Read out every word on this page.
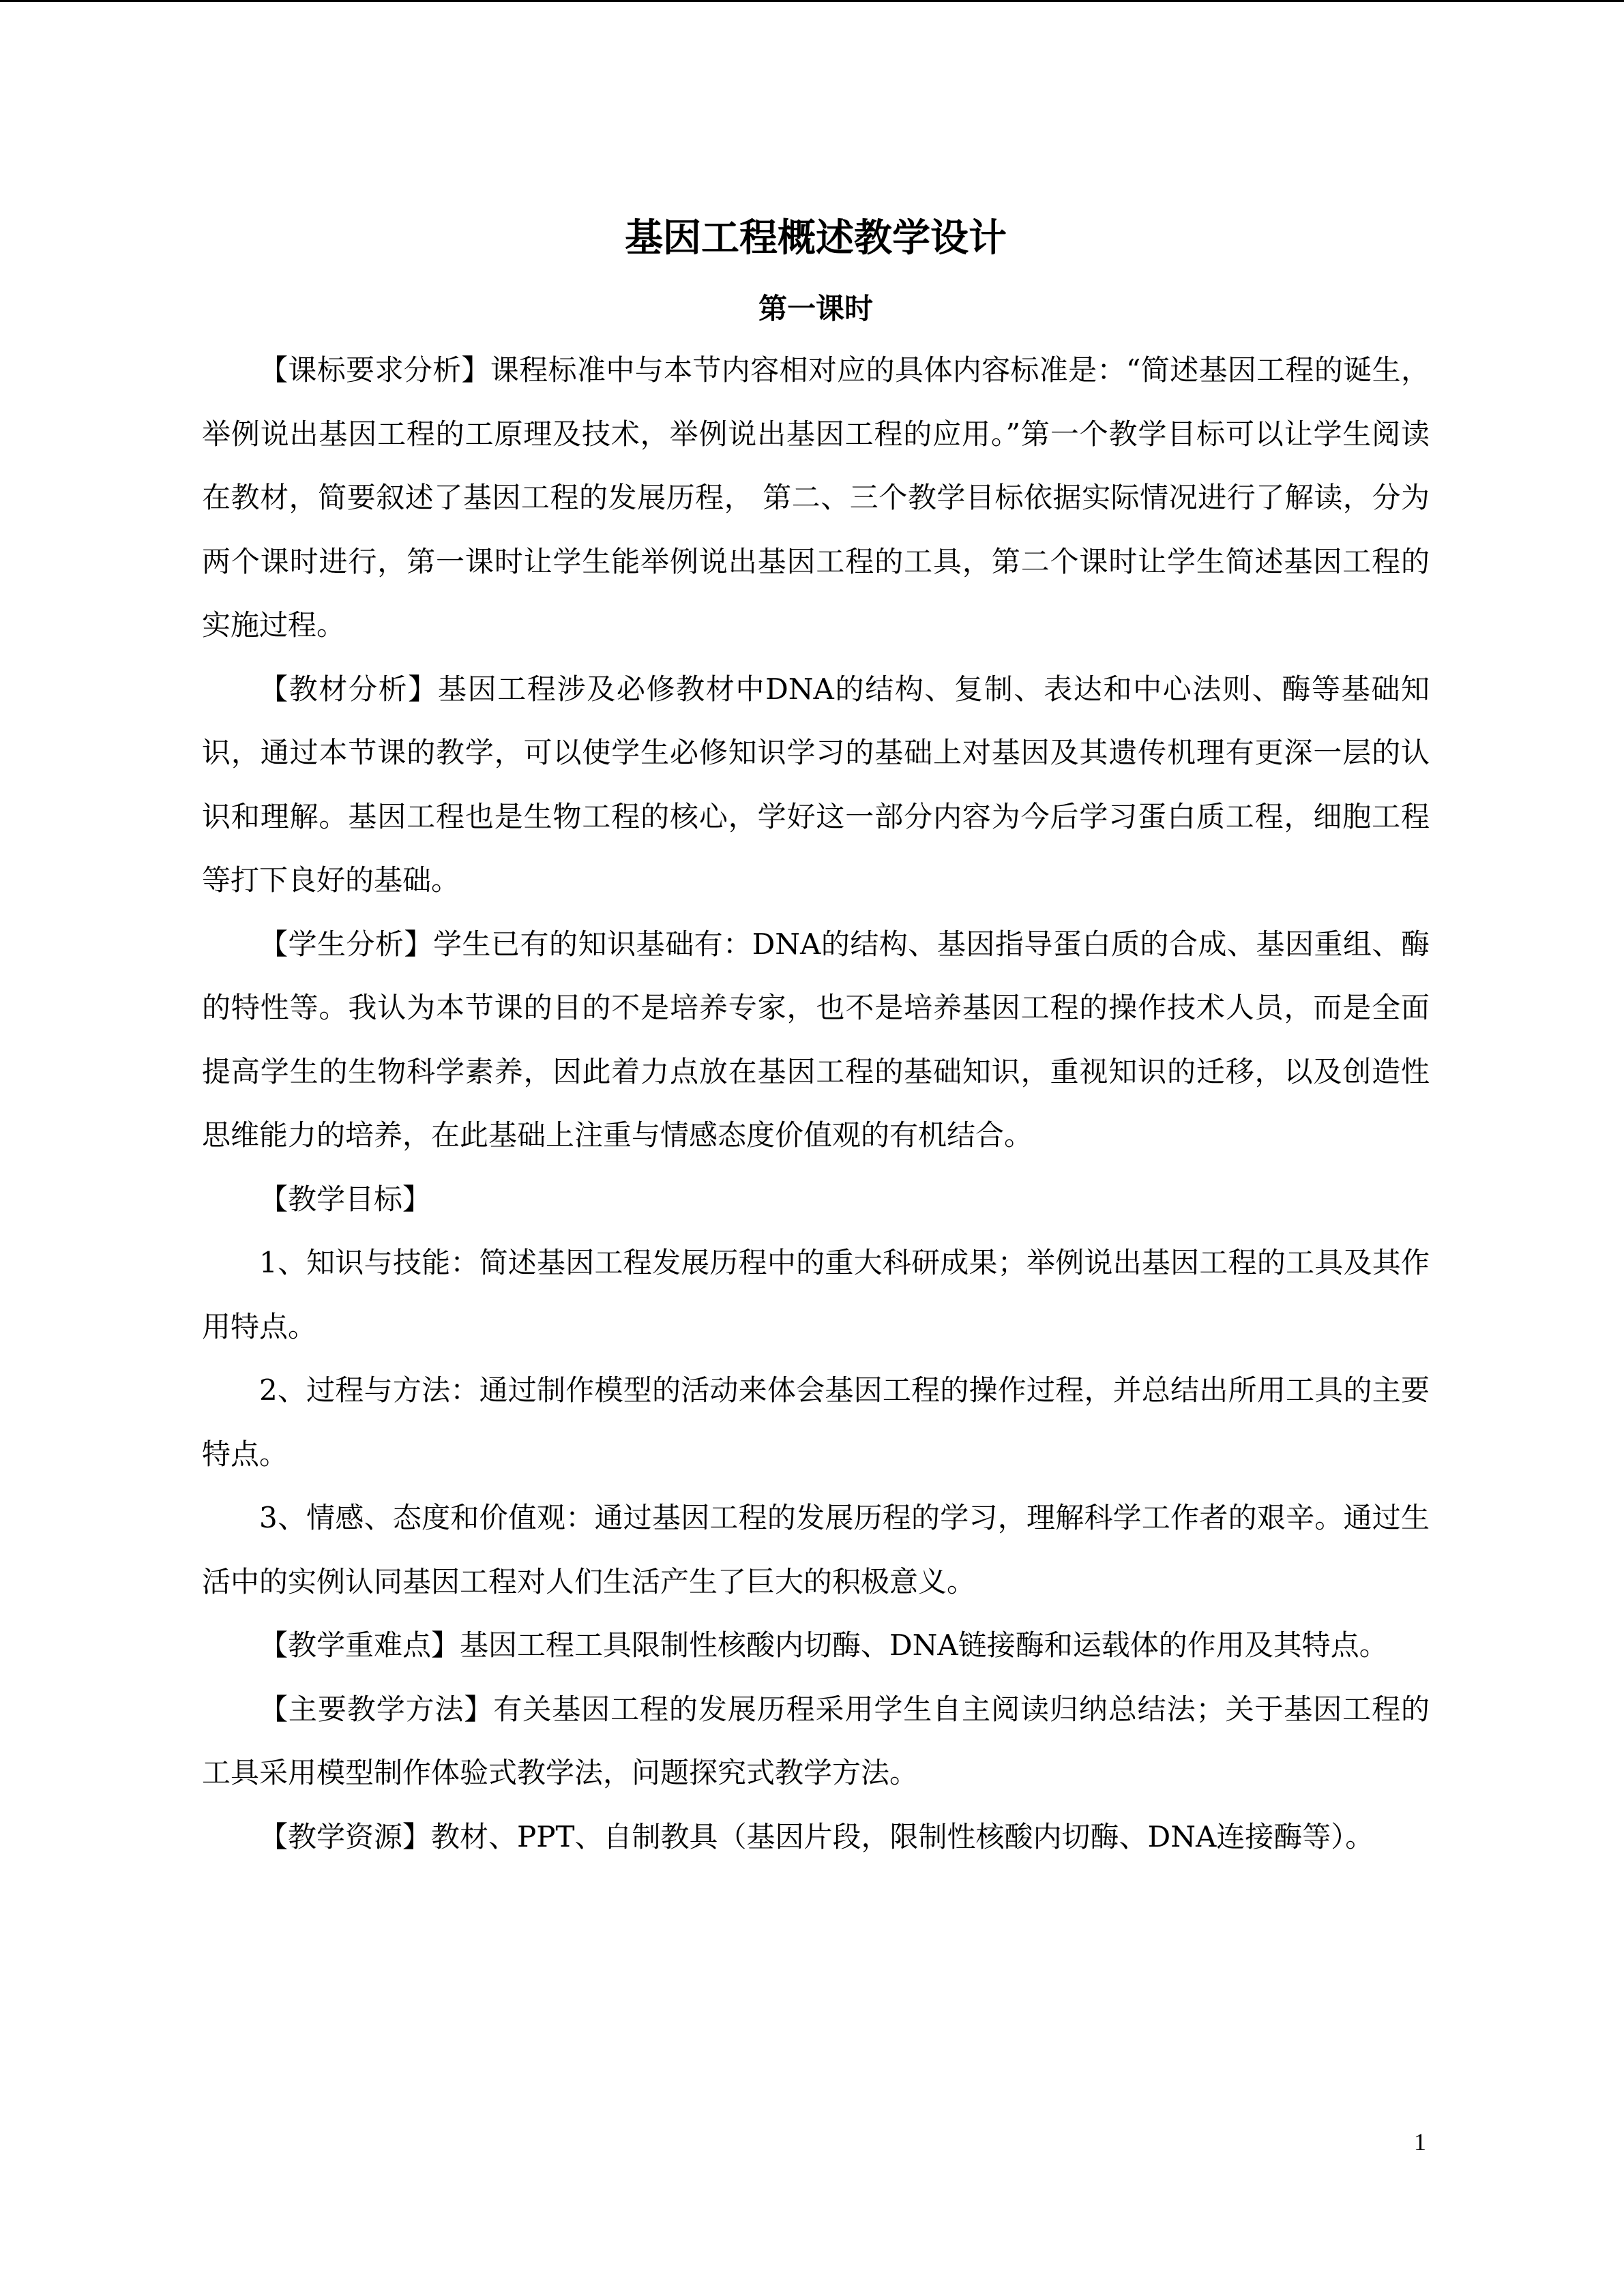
基因工程概述教学设计
第一课时

【课标要求分析】课程标准中与本节内容相对应的具体内容标准是：“简述基因工程的诞生，举例说出基因工程的工原理及技术，举例说出基因工程的应用。”第一个教学目标可以让学生阅读在教材，简要叙述了基因工程的发展历程， 第二、三个教学目标依据实际情况进行了解读，分为两个课时进行，第一课时让学生能举例说出基因工程的工具，第二个课时让学生简述基因工程的实施过程。

【教材分析】基因工程涉及必修教材中DNA的结构、复制、表达和中心法则、酶等基础知识，通过本节课的教学，可以使学生必修知识学习的基础上对基因及其遗传机理有更深一层的认识和理解。基因工程也是生物工程的核心，学好这一部分内容为今后学习蛋白质工程，细胞工程等打下良好的基础。

【学生分析】学生已有的知识基础有：DNA的结构、基因指导蛋白质的合成、基因重组、酶的特性等。我认为本节课的目的不是培养专家，也不是培养基因工程的操作技术人员，而是全面提高学生的生物科学素养，因此着力点放在基因工程的基础知识，重视知识的迁移，以及创造性思维能力的培养，在此基础上注重与情感态度价值观的有机结合。

【教学目标】

1、知识与技能：简述基因工程发展历程中的重大科研成果；举例说出基因工程的工具及其作用特点。

2、过程与方法：通过制作模型的活动来体会基因工程的操作过程，并总结出所用工具的主要特点。

3、情感、态度和价值观：通过基因工程的发展历程的学习，理解科学工作者的艰辛。通过生活中的实例认同基因工程对人们生活产生了巨大的积极意义。

【教学重难点】基因工程工具限制性核酸内切酶、DNA链接酶和运载体的作用及其特点。

【主要教学方法】有关基因工程的发展历程采用学生自主阅读归纳总结法；关于基因工程的工具采用模型制作体验式教学法，问题探究式教学方法。

【教学资源】教材、PPT、自制教具（基因片段，限制性核酸内切酶、DNA连接酶等）。

1
